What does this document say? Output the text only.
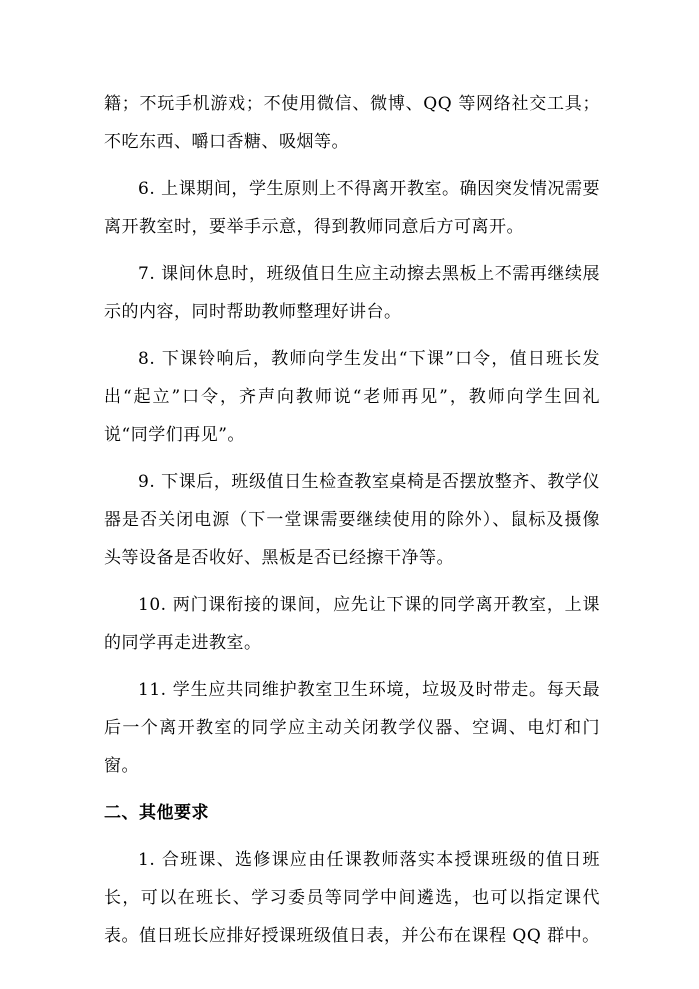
籍；不玩手机游戏；不使用微信、微博、QQ 等网络社交工具；不吃东西、嚼口香糖、吸烟等。

6. 上课期间，学生原则上不得离开教室。确因突发情况需要离开教室时，要举手示意，得到教师同意后方可离开。

7. 课间休息时，班级值日生应主动擦去黑板上不需再继续展示的内容，同时帮助教师整理好讲台。

8. 下课铃响后，教师向学生发出“下课”口令，值日班长发出“起立”口令，齐声向教师说“老师再见”，教师向学生回礼说“同学们再见”。

9. 下课后，班级值日生检查教室桌椅是否摆放整齐、教学仪器是否关闭电源（下一堂课需要继续使用的除外）、鼠标及摄像头等设备是否收好、黑板是否已经擦干净等。

10. 两门课衔接的课间，应先让下课的同学离开教室，上课的同学再走进教室。

11. 学生应共同维护教室卫生环境，垃圾及时带走。每天最后一个离开教室的同学应主动关闭教学仪器、空调、电灯和门窗。

二、其他要求

1. 合班课、选修课应由任课教师落实本授课班级的值日班长，可以在班长、学习委员等同学中间遴选，也可以指定课代表。值日班长应排好授课班级值日表，并公布在课程 QQ 群中。
